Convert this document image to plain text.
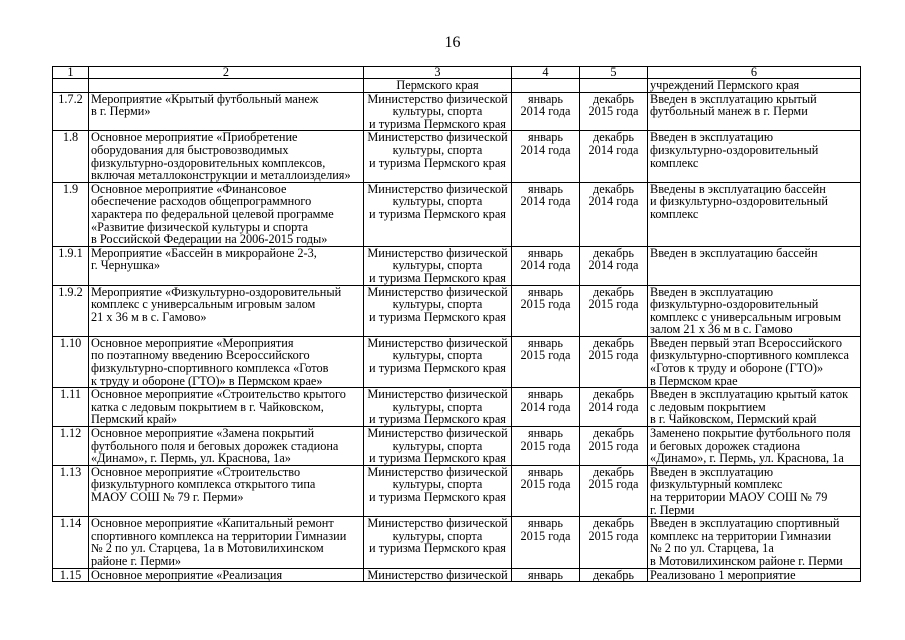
16
1	2	3	4	5	6

		Пермского края			учреждений Пермского края

1.7.2	Мероприятие «Крытый футбольный манеж
в г. Перми»	Министерство физической
культуры, спорта
и туризма Пермского края	январь
2014 года	декабрь
2015 года	Введен в эксплуатацию крытый
футбольный манеж в г. Перми

1.8	Основное мероприятие «Приобретение
оборудования для быстровозводимых
физкультурно-оздоровительных комплексов,
включая металлоконструкции и металлоизделия»	Министерство физической
культуры, спорта
и туризма Пермского края	январь
2014 года	декабрь
2014 года	Введен в эксплуатацию
физкультурно-оздоровительный
комплекс

1.9	Основное мероприятие «Финансовое
обеспечение расходов общепрограммного
характера по федеральной целевой программе
«Развитие физической культуры и спорта
в Российской Федерации на 2006-2015 годы»	Министерство физической
культуры, спорта
и туризма Пермского края	январь
2014 года	декабрь
2014 года	Введены в эксплуатацию бассейн
и физкультурно-оздоровительный
комплекс

1.9.1	Мероприятие «Бассейн в микрорайоне 2-3,
г. Чернушка»	Министерство физической
культуры, спорта
и туризма Пермского края	январь
2014 года	декабрь
2014 года	Введен в эксплуатацию бассейн

1.9.2	Мероприятие «Физкультурно-оздоровительный
комплекс с универсальным игровым залом
21 х 36 м в с. Гамово»	Министерство физической
культуры, спорта
и туризма Пермского края	январь
2015 года	декабрь
2015 года	Введен в эксплуатацию
физкультурно-оздоровительный
комплекс с универсальным игровым
залом 21 х 36 м в с. Гамово

1.10	Основное мероприятие «Мероприятия
по поэтапному введению Всероссийского
физкультурно-спортивного комплекса «Готов
к труду и обороне (ГТО)» в Пермском крае»	Министерство физической
культуры, спорта
и туризма Пермского края	январь
2015 года	декабрь
2015 года	Введен первый этап Всероссийского
физкультурно-спортивного комплекса
«Готов к труду и обороне (ГТО)»
в Пермском крае

1.11	Основное мероприятие «Строительство крытого
катка с ледовым покрытием в г. Чайковском,
Пермский край»	Министерство физической
культуры, спорта
и туризма Пермского края	январь
2014 года	декабрь
2014 года	Введен в эксплуатацию крытый каток
с ледовым покрытием
в г. Чайковском, Пермский край

1.12	Основное мероприятие «Замена покрытий
футбольного поля и беговых дорожек стадиона
«Динамо», г. Пермь, ул. Краснова, 1а»	Министерство физической
культуры, спорта
и туризма Пермского края	январь
2015 года	декабрь
2015 года	Заменено покрытие футбольного поля
и беговых дорожек стадиона
«Динамо», г. Пермь, ул. Краснова, 1а

1.13	Основное мероприятие «Строительство
физкультурного комплекса открытого типа
МАОУ СОШ № 79 г. Перми»	Министерство физической
культуры, спорта
и туризма Пермского края	январь
2015 года	декабрь
2015 года	Введен в эксплуатацию
физкультурный комплекс
на территории МАОУ СОШ № 79
г. Перми

1.14	Основное мероприятие «Капитальный ремонт
спортивного комплекса на территории Гимназии
№ 2 по ул. Старцева, 1а в Мотовилихинском
районе г. Перми»	Министерство физической
культуры, спорта
и туризма Пермского края	январь
2015 года	декабрь
2015 года	Введен в эксплуатацию спортивный
комплекс на территории Гимназии
№ 2 по ул. Старцева, 1а
в Мотовилихинском районе г. Перми

1.15	Основное мероприятие «Реализация	Министерство физической	январь	декабрь	Реализовано 1 мероприятие
